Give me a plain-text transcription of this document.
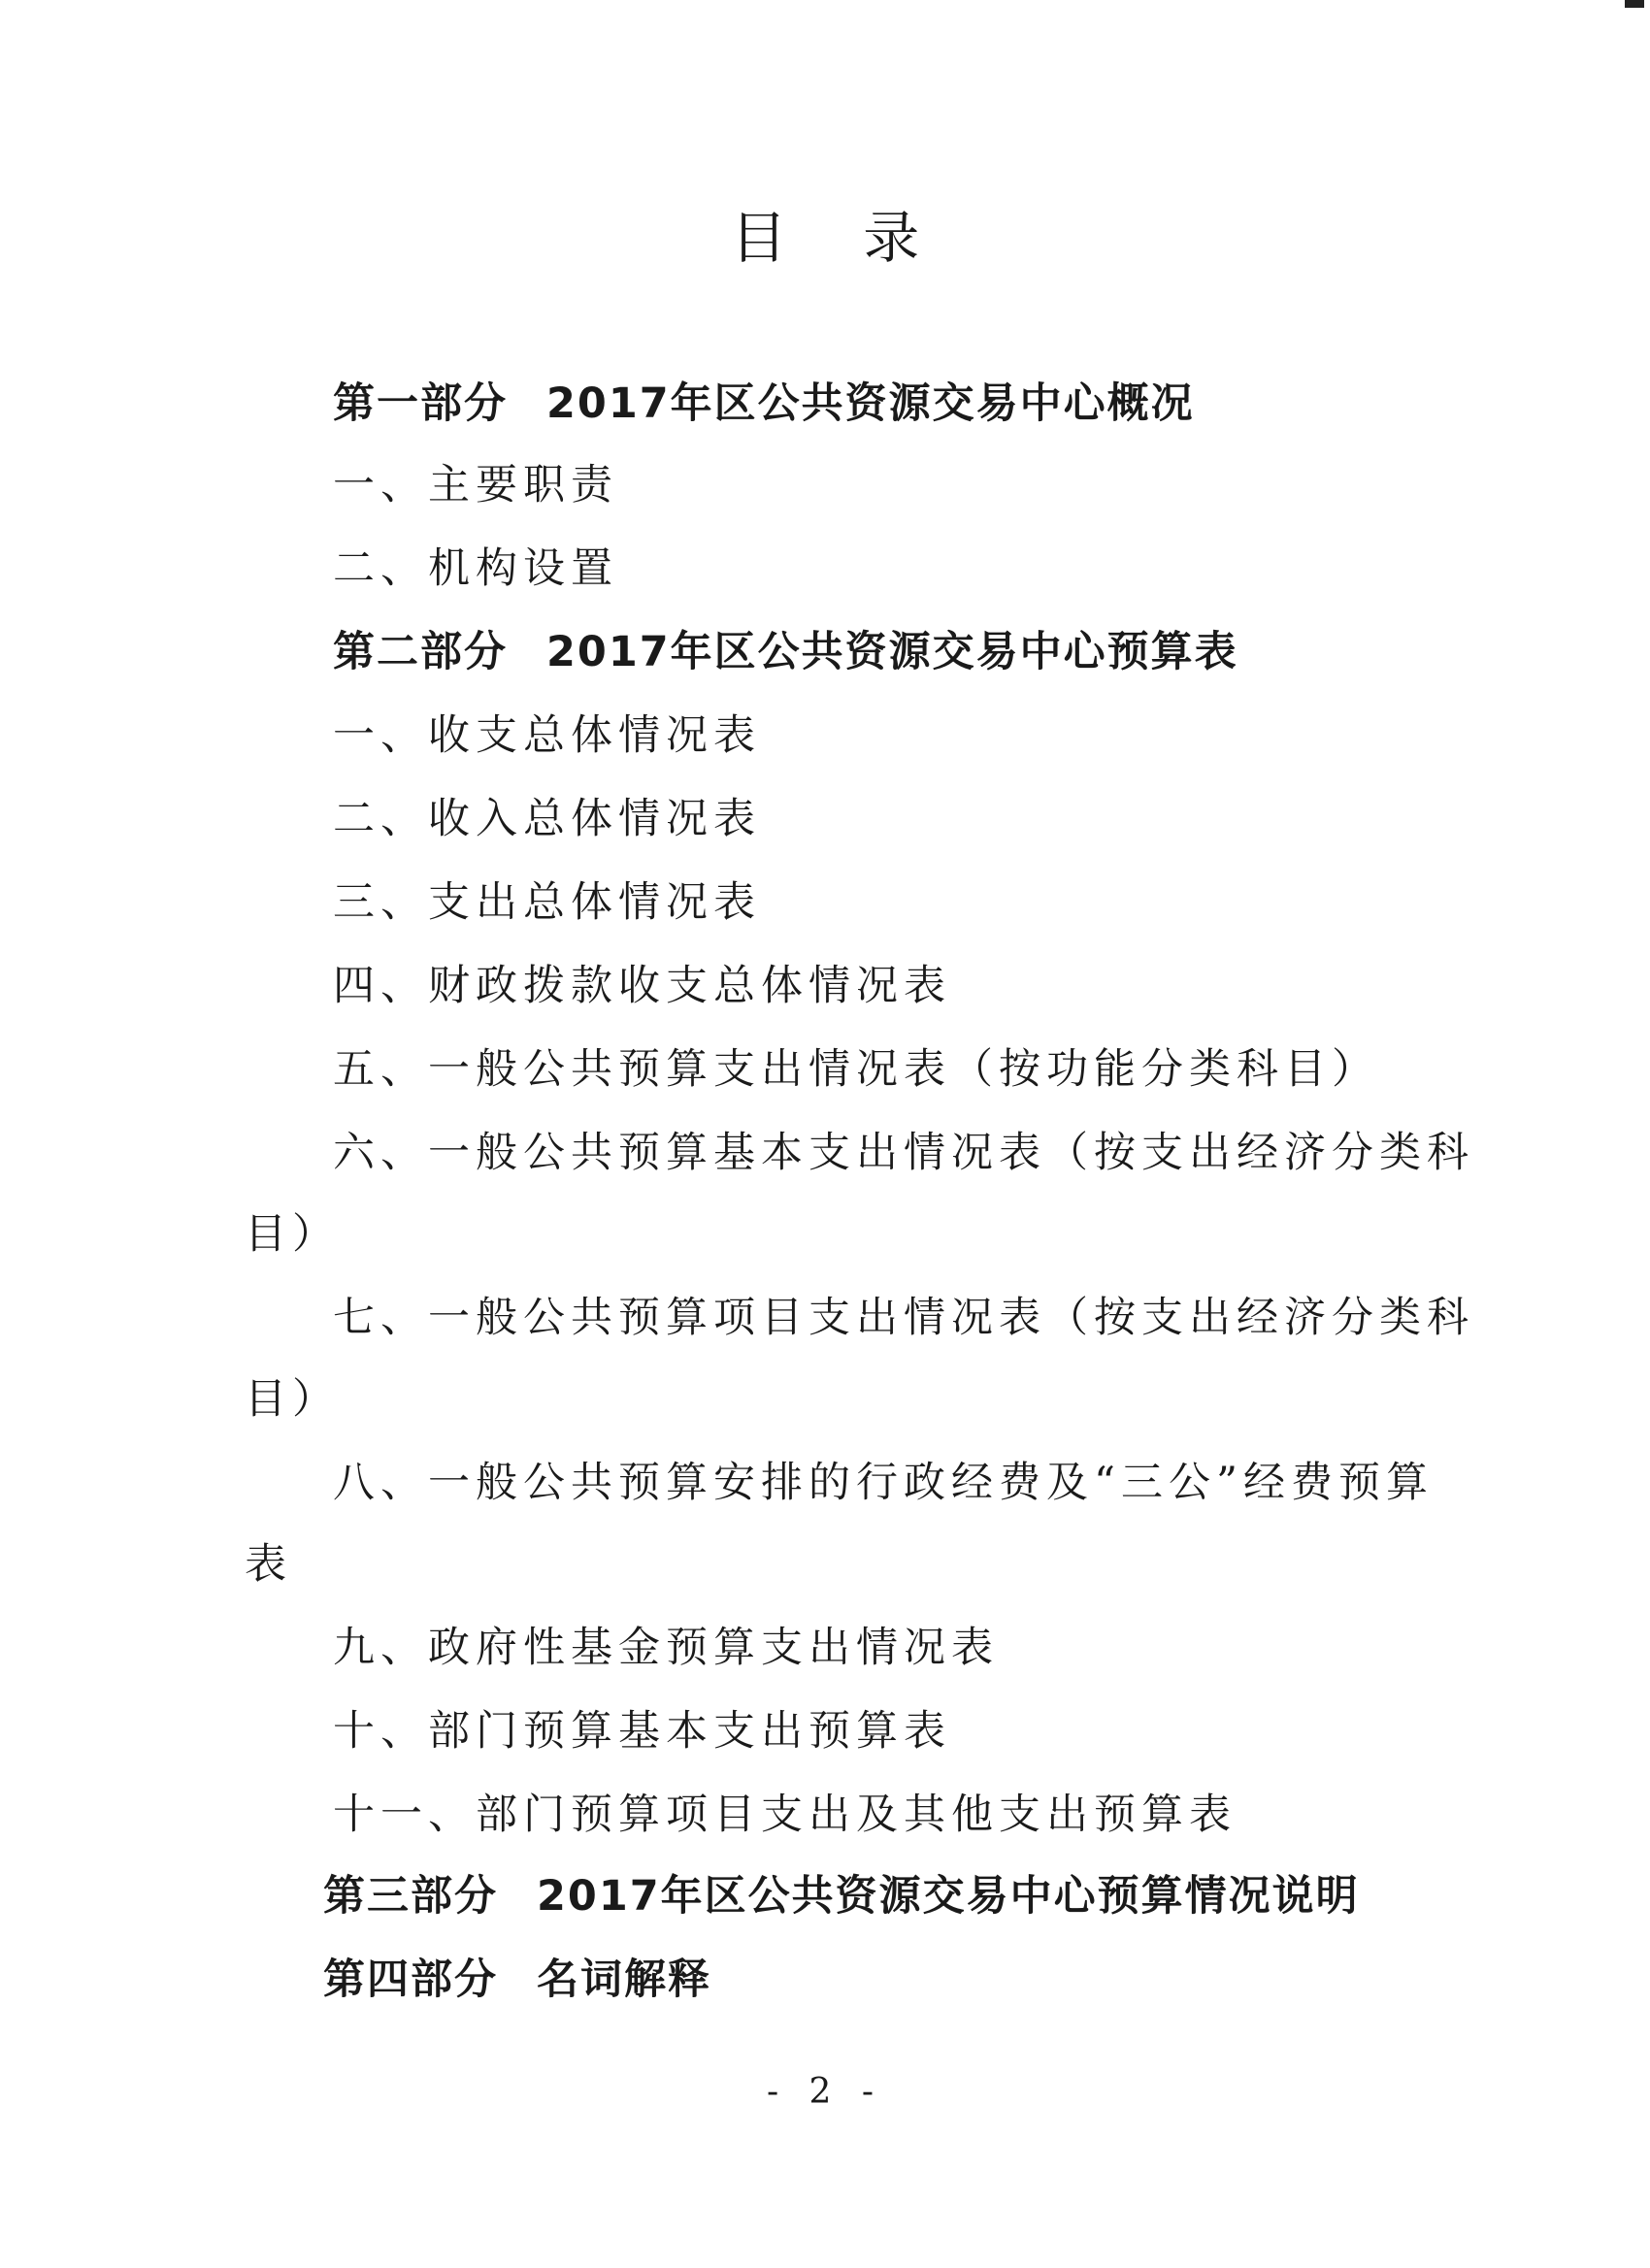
目 录
第一部分 2017年区公共资源交易中心概况
一、主要职责
二、机构设置
第二部分 2017年区公共资源交易中心预算表
一、收支总体情况表
二、收入总体情况表
三、支出总体情况表
四、财政拨款收支总体情况表
五、一般公共预算支出情况表（按功能分类科目）
六、一般公共预算基本支出情况表（按支出经济分类科
目）
七、一般公共预算项目支出情况表（按支出经济分类科
目）
八、一般公共预算安排的行政经费及“三公”经费预算
表
九、政府性基金预算支出情况表
十、部门预算基本支出预算表
十一、部门预算项目支出及其他支出预算表
第三部分 2017年区公共资源交易中心预算情况说明
第四部分 名词解释
- 2 -
